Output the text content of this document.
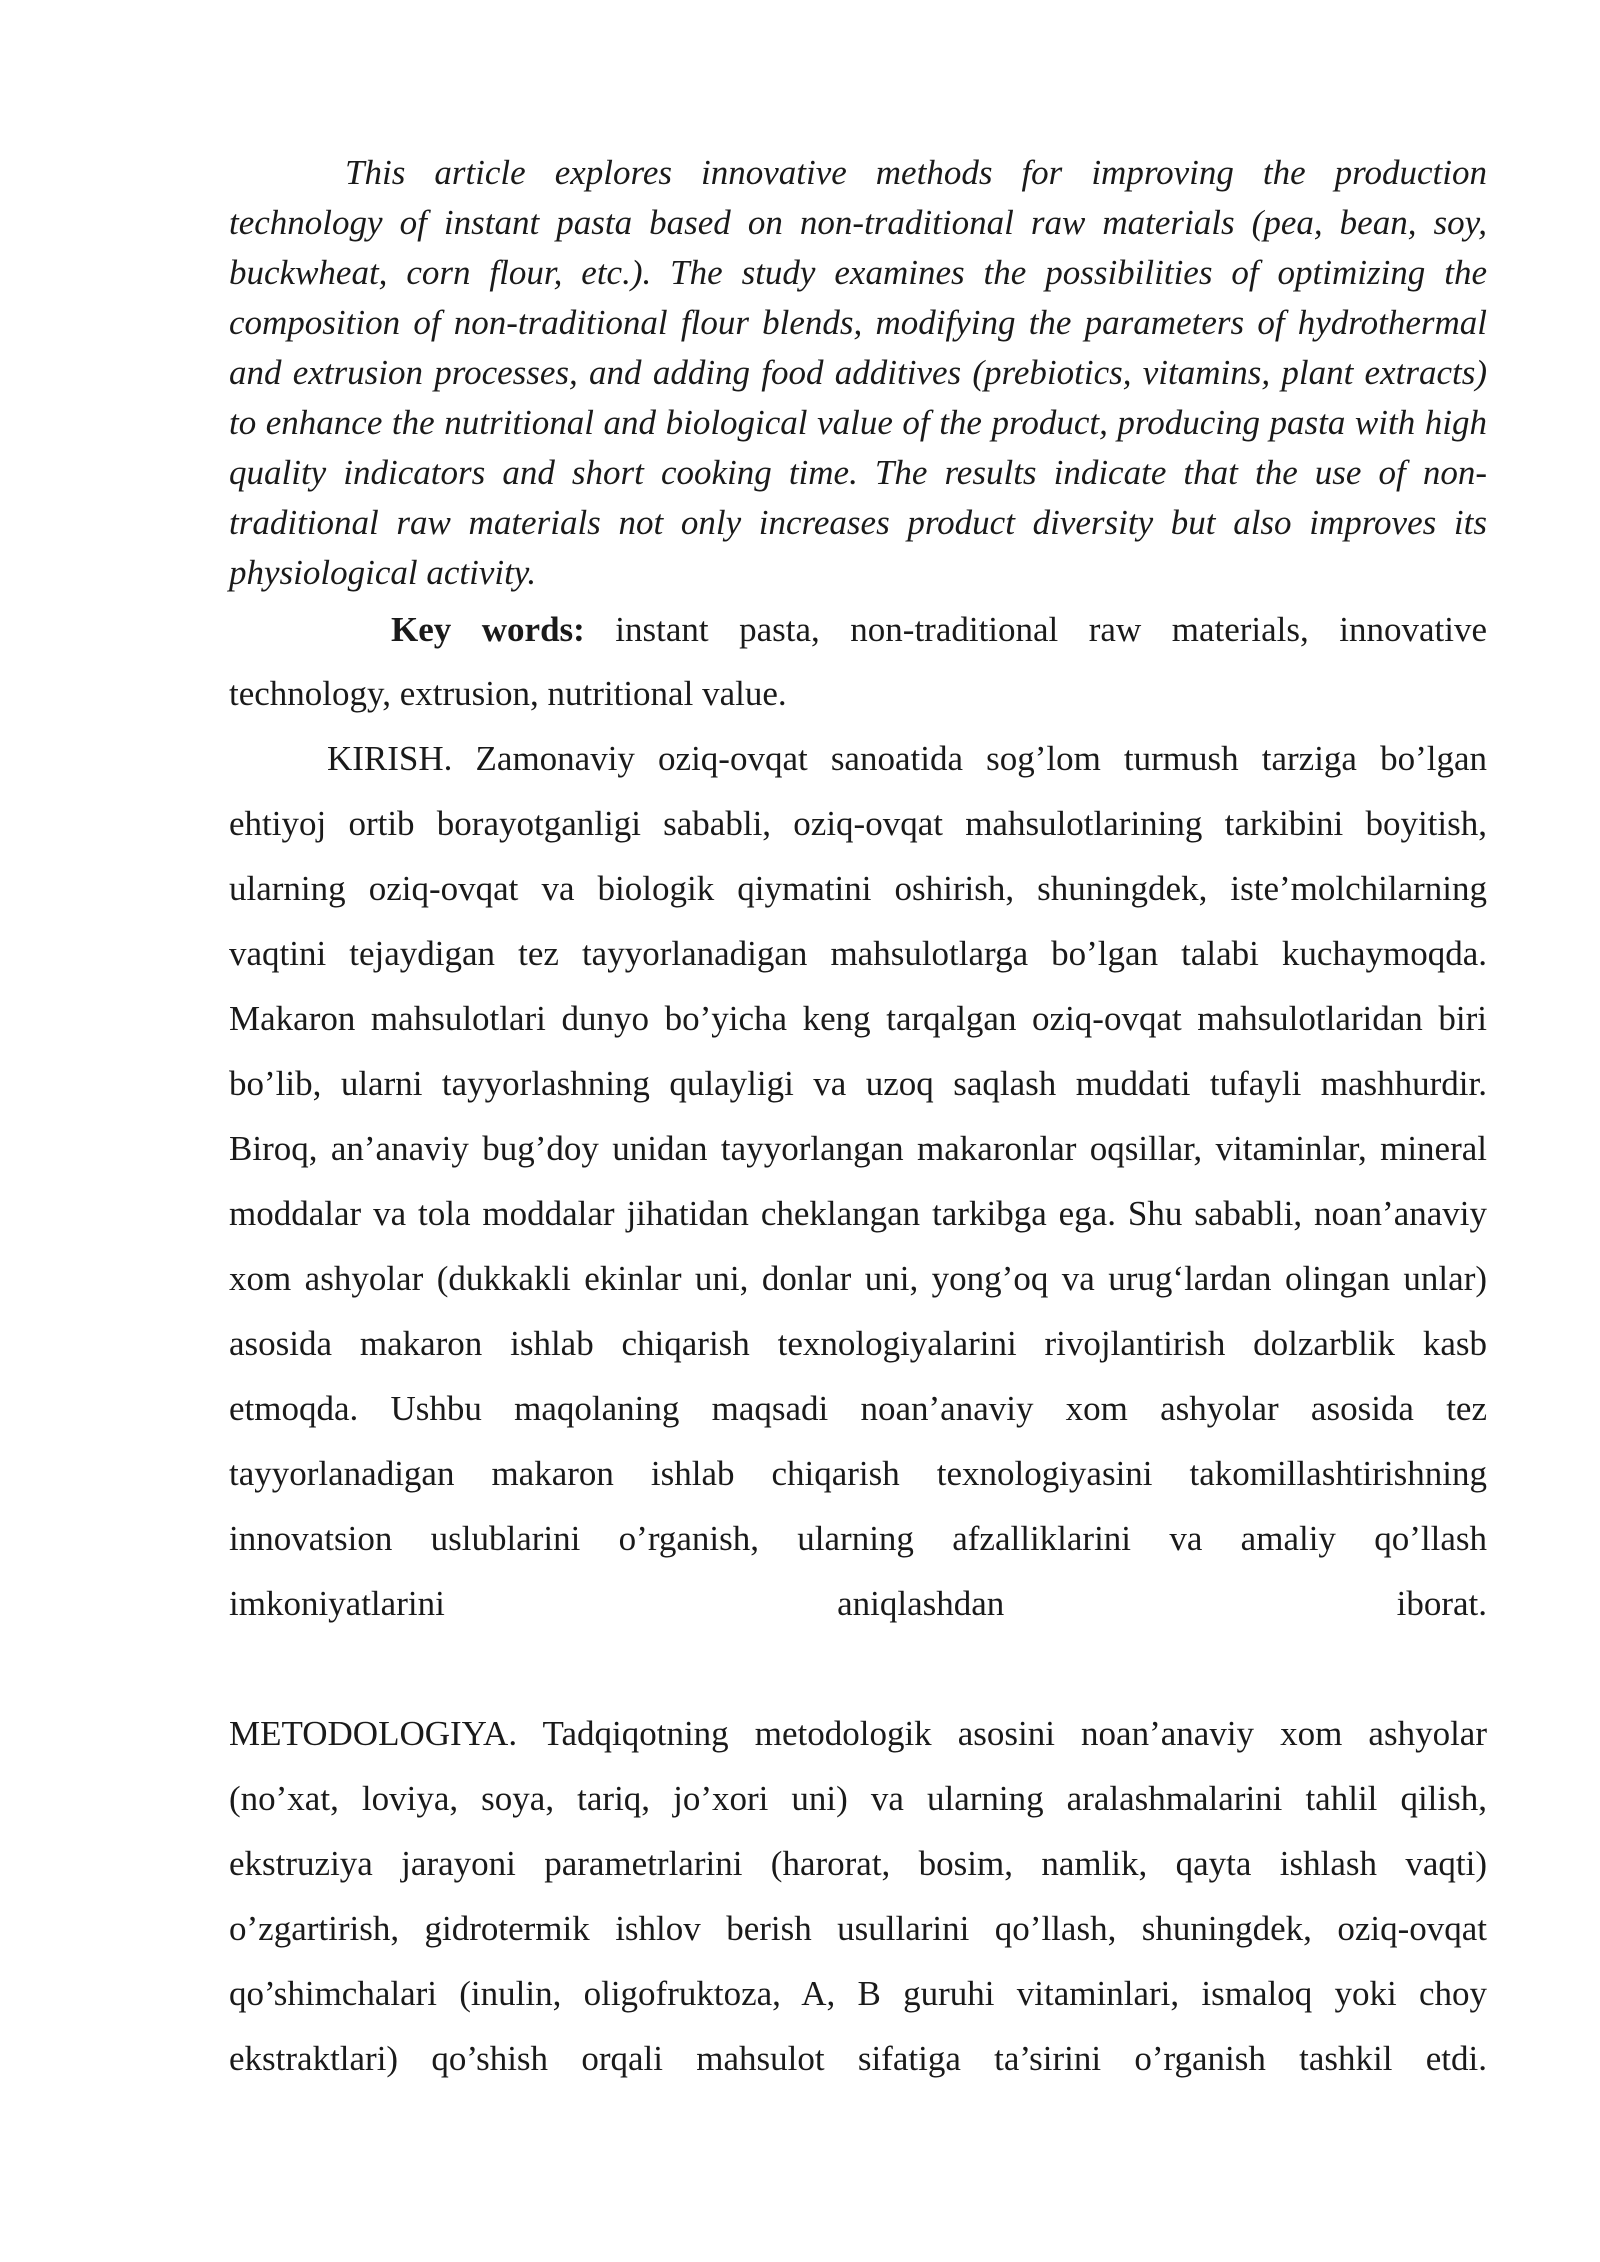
This article explores innovative methods for improving the production technology of instant pasta based on non-traditional raw materials (pea, bean, soy, buckwheat, corn flour, etc.). The study examines the possibilities of optimizing the composition of non-traditional flour blends, modifying the parameters of hydrothermal and extrusion processes, and adding food additives (prebiotics, vitamins, plant extracts) to enhance the nutritional and biological value of the product, producing pasta with high quality indicators and short cooking time. The results indicate that the use of non-traditional raw materials not only increases product diversity but also improves its physiological activity.

Key words: instant pasta, non-traditional raw materials, innovative technology, extrusion, nutritional value.

KIRISH. Zamonaviy oziq-ovqat sanoatida sog’lom turmush tarziga bo’lgan ehtiyoj ortib borayotganligi sababli, oziq-ovqat mahsulotlarining tarkibini boyitish, ularning oziq-ovqat va biologik qiymatini oshirish, shuningdek, iste’molchilarning vaqtini tejaydigan tez tayyorlanadigan mahsulotlarga bo’lgan talabi kuchaymoqda. Makaron mahsulotlari dunyo bo’yicha keng tarqalgan oziq-ovqat mahsulotlaridan biri bo’lib, ularni tayyorlashning qulayligi va uzoq saqlash muddati tufayli mashhurdir. Biroq, an’anaviy bug’doy unidan tayyorlangan makaronlar oqsillar, vitaminlar, mineral moddalar va tola moddalar jihatidan cheklangan tarkibga ega. Shu sababli, noan’anaviy xom ashyolar (dukkakli ekinlar uni, donlar uni, yong’oq va urug‘lardan olingan unlar) asosida makaron ishlab chiqarish texnologiyalarini rivojlantirish dolzarblik kasb etmoqda. Ushbu maqolaning maqsadi noan’anaviy xom ashyolar asosida tez tayyorlanadigan makaron ishlab chiqarish texnologiyasini takomillashtirishning innovatsion uslublarini o’rganish, ularning afzalliklarini va amaliy qo’llash imkoniyatlarini aniqlashdan iborat.

METODOLOGIYA. Tadqiqotning metodologik asosini noan’anaviy xom ashyolar (no’xat, loviya, soya, tariq, jo’xori uni) va ularning aralashmalarini tahlil qilish, ekstruziya jarayoni parametrlarini (harorat, bosim, namlik, qayta ishlash vaqti) o’zgartirish, gidrotermik ishlov berish usullarini qo’llash, shuningdek, oziq-ovqat qo’shimchalari (inulin, oligofruktoza, A, B guruhi vitaminlari, ismaloq yoki choy ekstraktlari) qo’shish orqali mahsulot sifatiga ta’sirini o’rganish tashkil etdi.
